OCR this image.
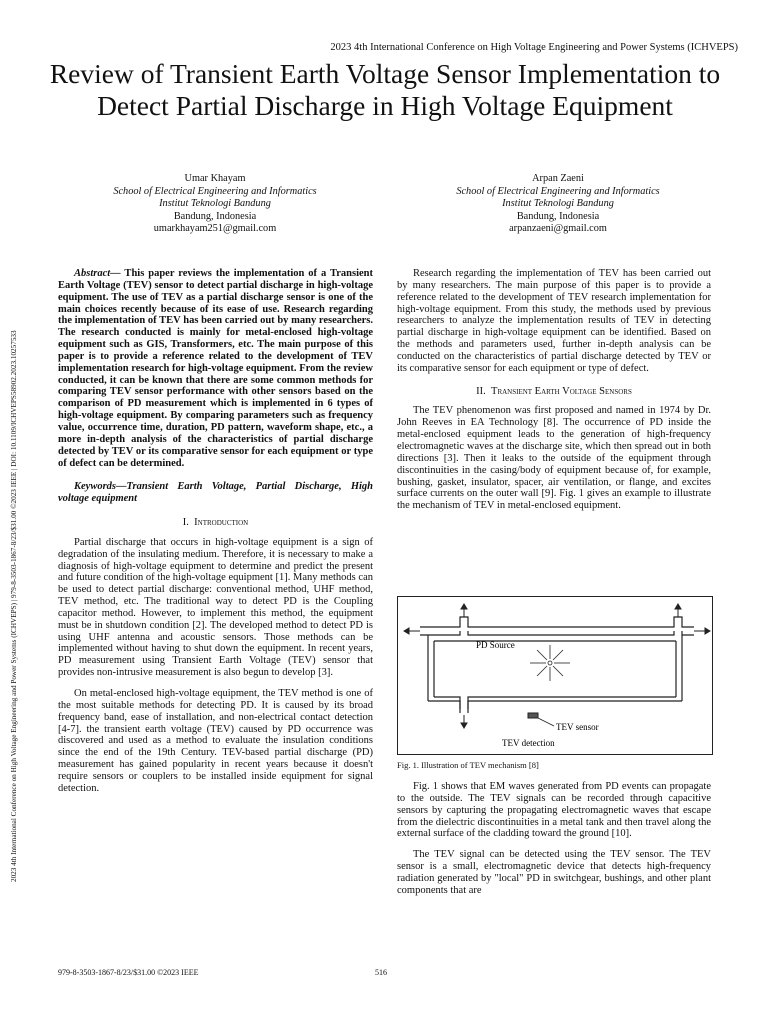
2023 4th International Conference on High Voltage Engineering and Power Systems (ICHVEPS)
Review of Transient Earth Voltage Sensor Implementation to Detect Partial Discharge in High Voltage Equipment
Umar Khayam
School of Electrical Engineering and Informatics
Institut Teknologi Bandung
Bandung, Indonesia
umarkhayam251@gmail.com
Arpan Zaeni
School of Electrical Engineering and Informatics
Institut Teknologi Bandung
Bandung, Indonesia
arpanzaeni@gmail.com
2023 4th International Conference on High Voltage Engineering and Power Systems (ICHVEPS) | 979-8-3503-1867-8/23/$31.00 ©2023 IEEE | DOI: 10.1109/ICHVEPS58902.2023.10257533

Abstract— This paper reviews the implementation of a Transient Earth Voltage (TEV) sensor to detect partial discharge in high-voltage equipment. The use of TEV as a partial discharge sensor is one of the main choices recently because of its ease of use. Research regarding the implementation of TEV has been carried out by many researchers. The research conducted is mainly for metal-enclosed high-voltage equipment such as GIS, Transformers, etc. The main purpose of this paper is to provide a reference related to the development of TEV implementation research for high-voltage equipment. From the review conducted, it can be known that there are some common methods for comparing TEV sensor performance with other sensors based on the comparison of PD measurement which is implemented in 6 types of high-voltage equipment. By comparing parameters such as frequency value, occurrence time, duration, PD pattern, waveform shape, etc., a more in-depth analysis of the characteristics of partial discharge detected by TEV or its comparative sensor for each equipment or type of defect can be determined.

Keywords—Transient Earth Voltage, Partial Discharge, High voltage equipment

I. Introduction

Partial discharge that occurs in high-voltage equipment is a sign of degradation of the insulating medium. Therefore, it is necessary to make a diagnosis of high-voltage equipment to determine and predict the present and future condition of the high-voltage equipment [1]. Many methods can be used to detect partial discharge: conventional method, UHF method, TEV method, etc. The traditional way to detect PD is the Coupling capacitor method. However, to implement this method, the equipment must be in shutdown condition [2]. The developed method to detect PD is using UHF antenna and acoustic sensors. Those methods can be implemented without having to shut down the equipment. In recent years, PD measurement using Transient Earth Voltage (TEV) sensor that provides non-intrusive measurement is also begun to develop [3].

On metal-enclosed high-voltage equipment, the TEV method is one of the most suitable methods for detecting PD. It is caused by its broad frequency band, ease of installation, and non-electrical contact detection [4-7]. the transient earth voltage (TEV) caused by PD occurrence was discovered and used as a method to evaluate the insulation conditions since the end of the 19th Century. TEV-based partial discharge (PD) measurement has gained popularity in recent years because it doesn't require sensors or couplers to be installed inside equipment for signal detection.

Research regarding the implementation of TEV has been carried out by many researchers. The main purpose of this paper is to provide a reference related to the development of TEV research implementation for high-voltage equipment. From this study, the methods used by previous researchers to analyze the implementation results of TEV in detecting partial discharge in high-voltage equipment can be identified. Based on the methods and parameters used, further in-depth analysis can be conducted on the characteristics of partial discharge detected by TEV or its comparative sensor for each equipment or type of defect.

II. Transient Earth Voltage Sensors

The TEV phenomenon was first proposed and named in 1974 by Dr. John Reeves in EA Technology [8]. The occurrence of PD inside the metal-enclosed equipment leads to the generation of high-frequency electromagnetic waves at the discharge site, which then spread out in both directions [3]. Then it leaks to the outside of the equipment through discontinuities in the casing/body of equipment because of, for example, bushing, gasket, insulator, spacer, air ventilation, or flange, and excites surface currents on the outer wall [9]. Fig. 1 gives an example to illustrate the mechanism of TEV in metal-enclosed equipment.

PD Source
TEV sensor
TEV detection
Fig. 1. Illustration of TEV mechanism [8]

Fig. 1 shows that EM waves generated from PD events can propagate to the outside. The TEV signals can be recorded through capacitive sensors by capturing the propagating electromagnetic waves that escape from the dielectric discontinuities in a metal tank and then travel along the external surface of the cladding toward the ground [10].

The TEV signal can be detected using the TEV sensor. The TEV sensor is a small, electromagnetic device that detects high-frequency radiation generated by "local" PD in switchgear, bushings, and other plant components that are

979-8-3503-1867-8/23/$31.00 ©2023 IEEE	516
